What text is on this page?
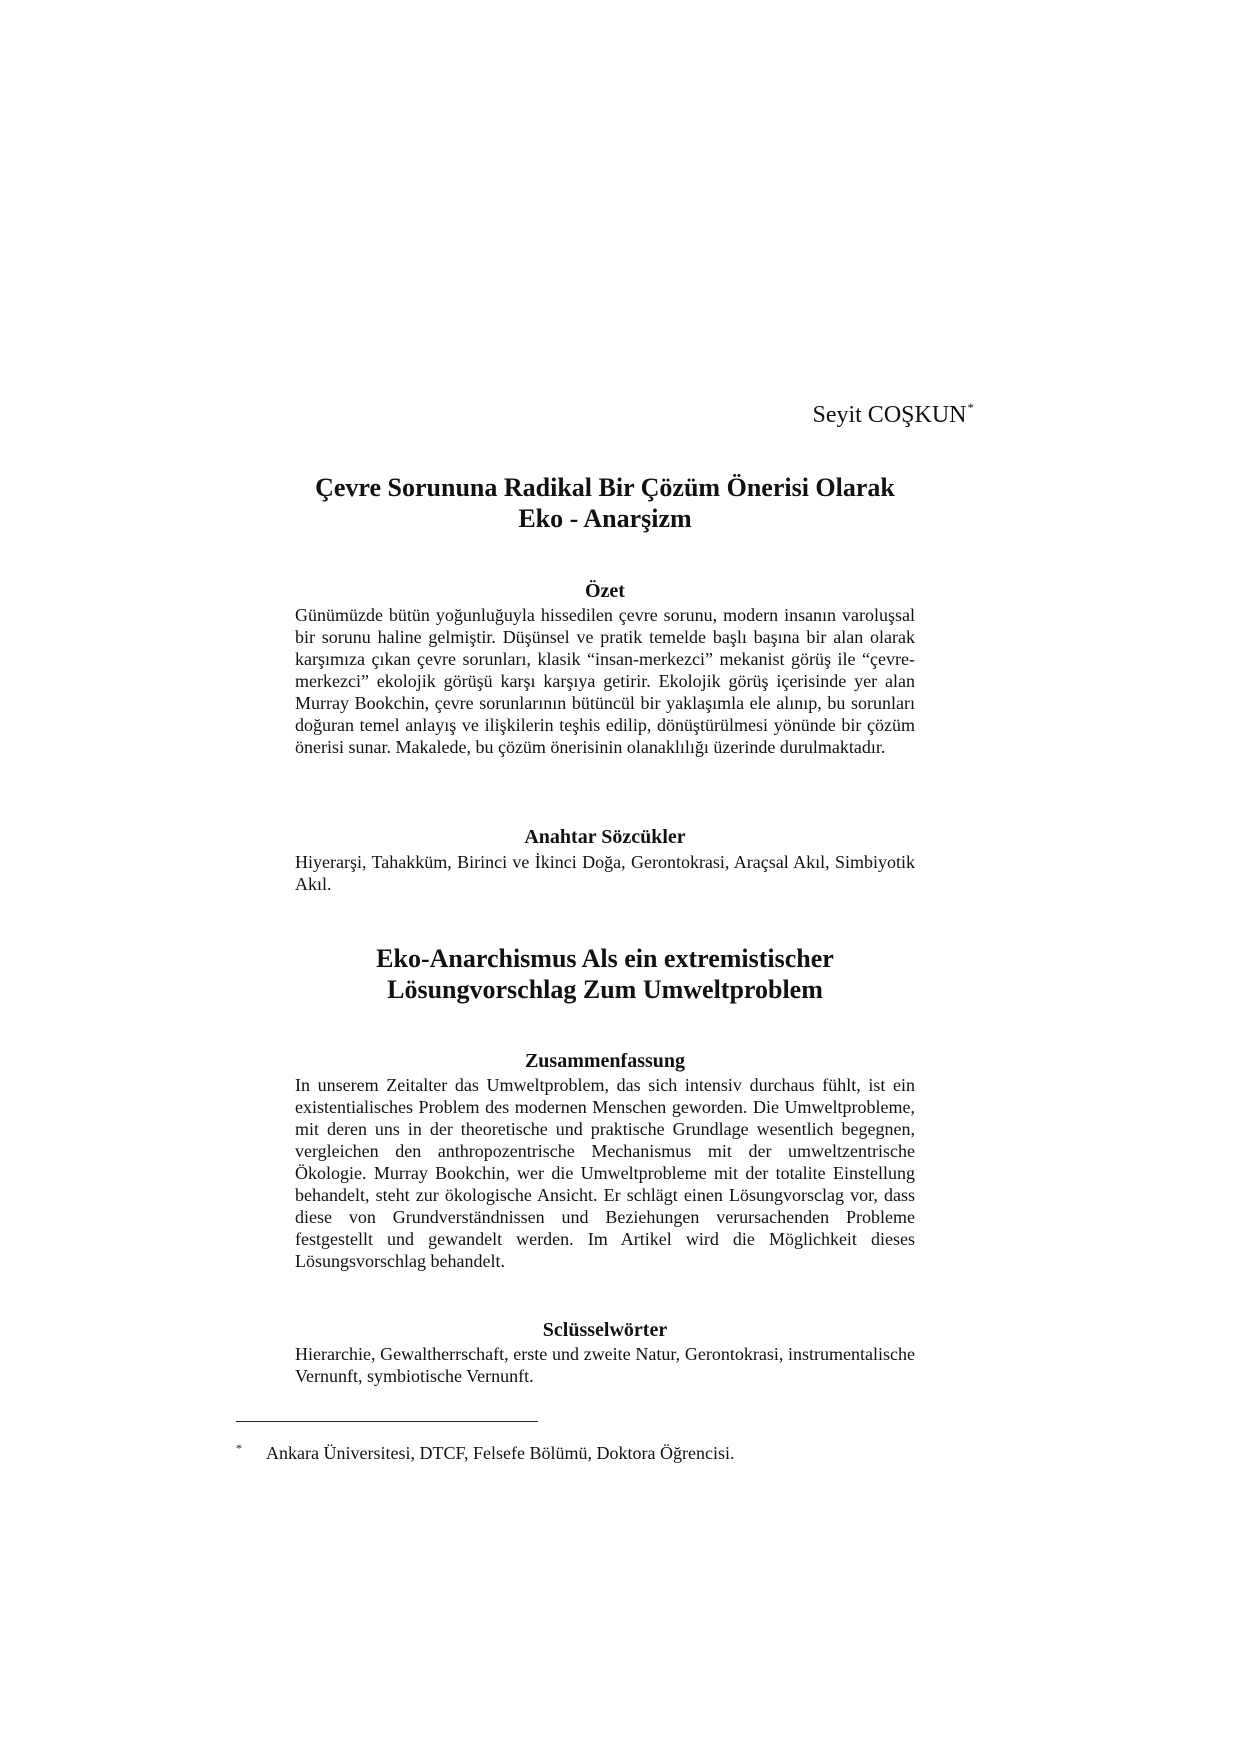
Seyit COŞKUN*
Çevre Sorununa Radikal Bir Çözüm Önerisi Olarak
Eko - Anarşizm
Özet

Günümüzde bütün yoğunluğuyla hissedilen çevre sorunu, modern insanın varoluşsal bir sorunu haline gelmiştir. Düşünsel ve pratik temelde başlı başına bir alan olarak karşımıza çıkan çevre sorunları, klasik “insan-merkezci” mekanist görüş ile “çevre-merkezci” ekolojik görüşü karşı karşıya getirir. Ekolojik görüş içerisinde yer alan Murray Bookchin, çevre sorunlarının bütüncül bir yaklaşımla ele alınıp, bu sorunları doğuran temel anlayış ve ilişkilerin teşhis edilip, dönüştürülmesi yönünde bir çözüm önerisi sunar. Makalede, bu çözüm önerisinin olanaklılığı üzerinde durulmaktadır.

Anahtar Sözcükler

Hiyerarşi, Tahakküm, Birinci ve İkinci Doğa, Gerontokrasi, Araçsal Akıl, Simbiyotik Akıl.

Eko-Anarchismus Als ein extremistischer
Lösungvorschlag Zum Umweltproblem
Zusammenfassung

In unserem Zeitalter das Umweltproblem, das sich intensiv durchaus fühlt, ist ein existentialisches Problem des modernen Menschen geworden. Die Umweltprobleme, mit deren uns in der theoretische und praktische Grundlage wesentlich begegnen, vergleichen den anthropozentrische Mechanismus mit der umweltzentrische Ökologie. Murray Bookchin, wer die Umweltprobleme mit der totalite Einstellung behandelt, steht zur ökologische Ansicht. Er schlägt einen Lösungvorsclag vor, dass diese von Grundverständnissen und Beziehungen verursachenden Probleme festgestellt und gewandelt werden. Im Artikel wird die Möglichkeit dieses Lösungsvorschlag behandelt.

Sclüsselwörter

Hierarchie, Gewaltherrschaft, erste und zweite Natur, Gerontokrasi, instrumentalische Vernunft, symbiotische Vernunft.

* Ankara Üniversitesi, DTCF, Felsefe Bölümü, Doktora Öğrencisi.
